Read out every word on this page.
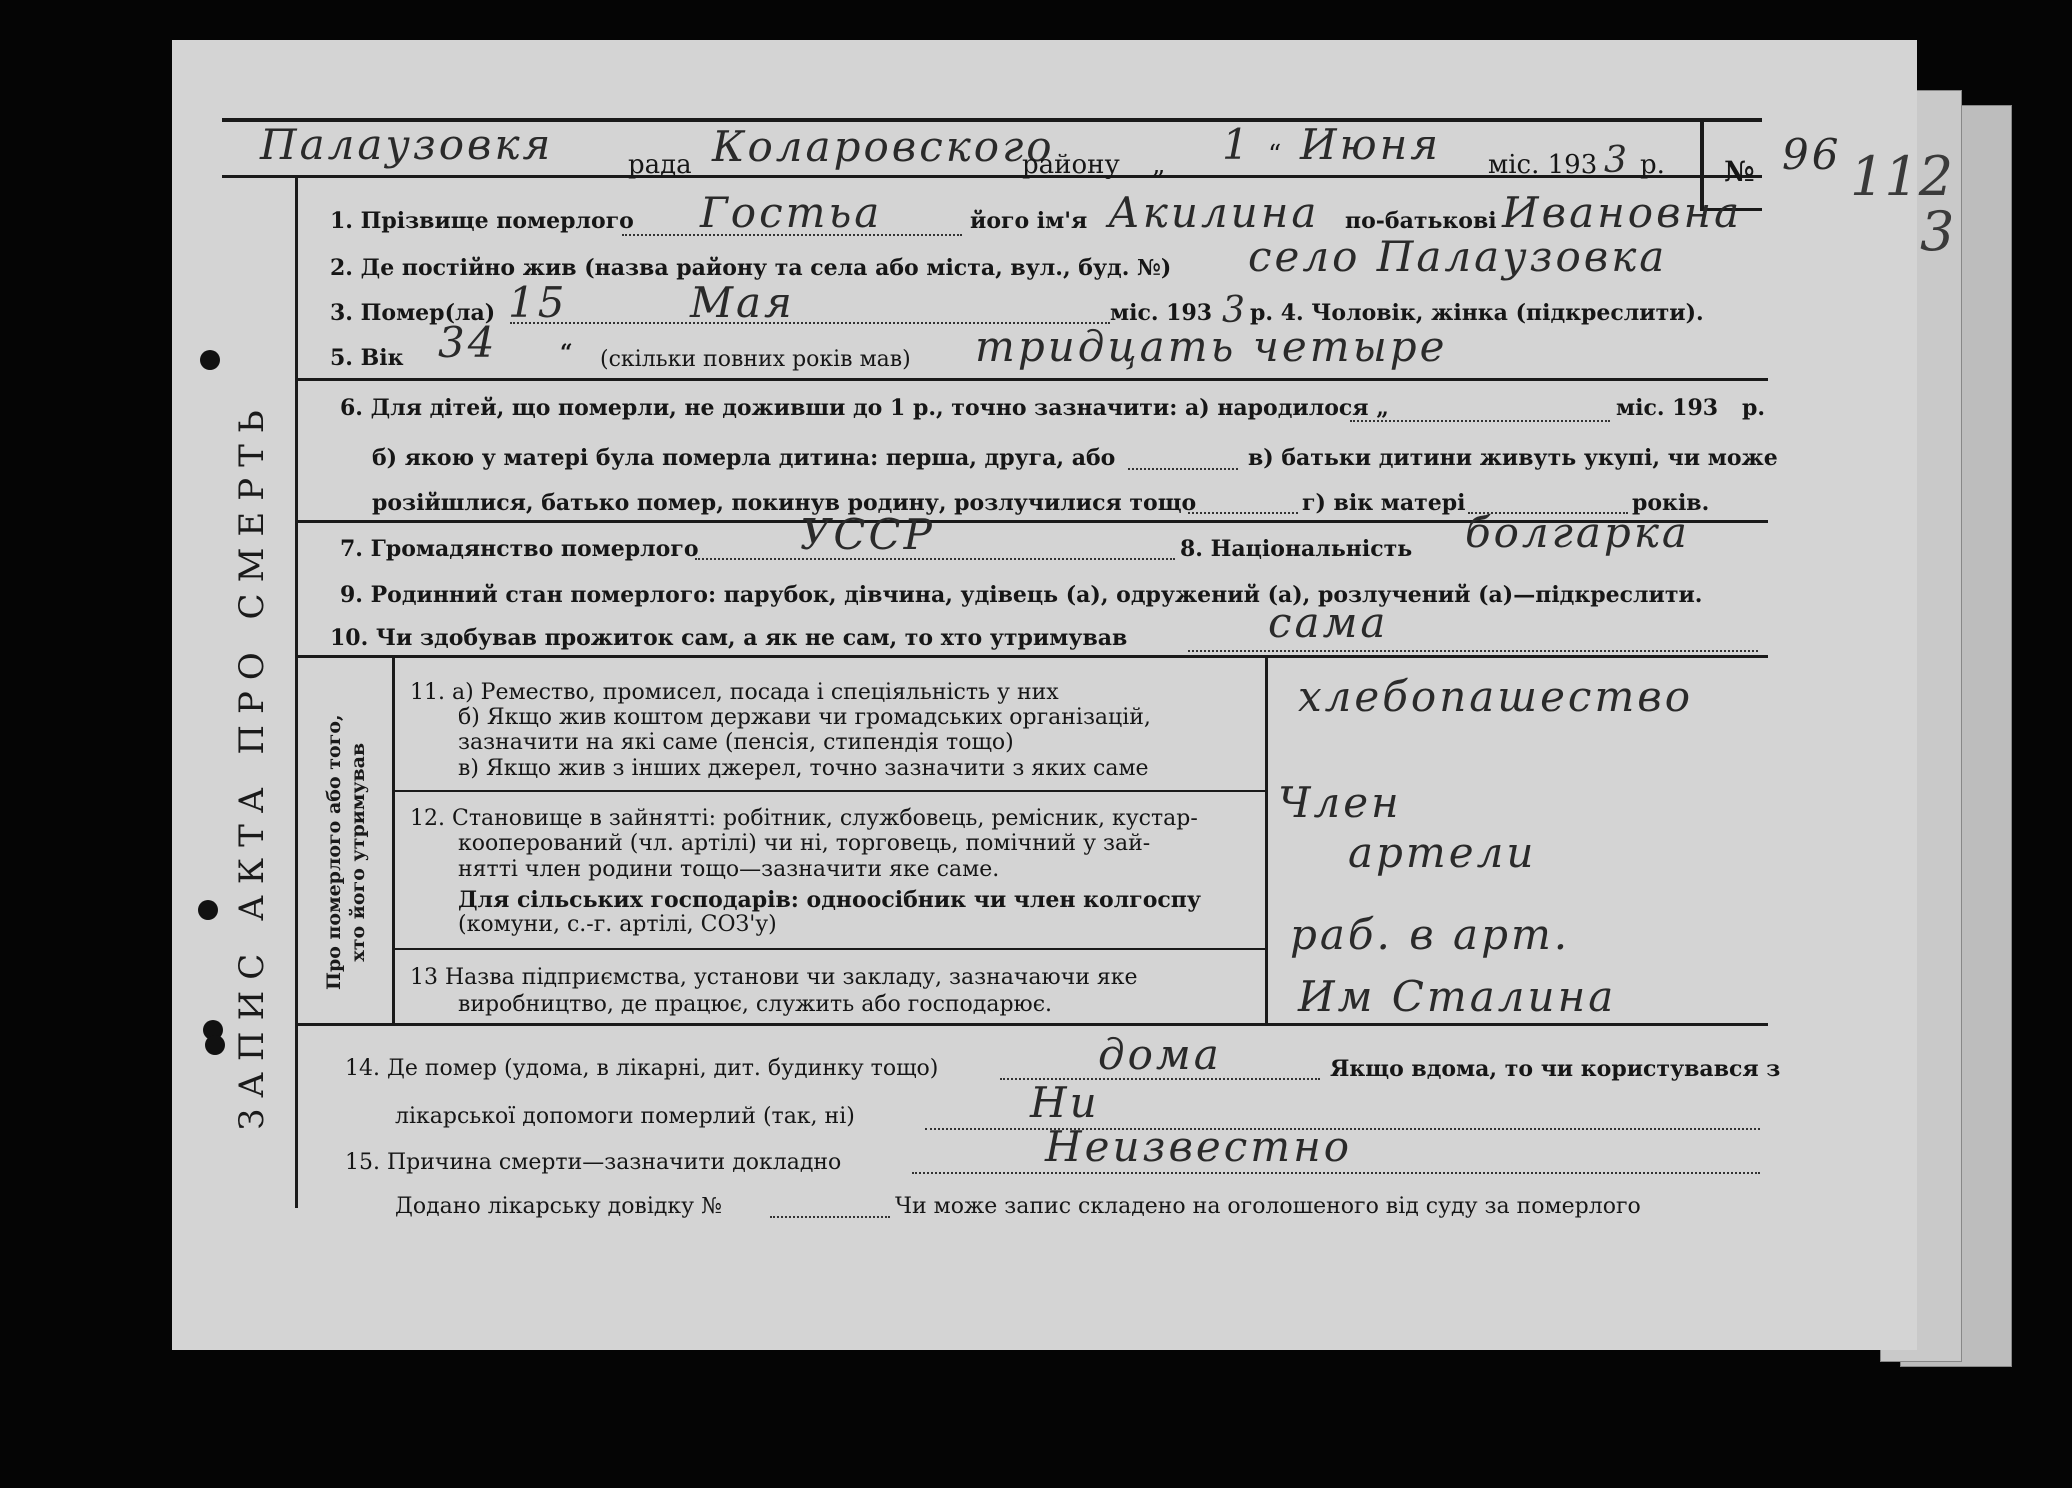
Палаузовкя	рада Коларовского
району „ 1 “ Июня міс. 193 3 р. № 96 112
3
ЗАПИС АКТА ПРО СМЕРТЬ
1. Прізвище померлого Гостьа	його ім'я Акилина по-батькові Ивановна
2. Де постійно жив (назва району та села або міста, вул., буд. №) село Палаузовка
3. Помер(ла) 15	Мая	міс. 193 3 р. 4. Чоловік, жінка (підкреслити).
5. Вік 34	“ (скільки повних років мав) тридцать четыре
6. Для дітей, що померли, не доживши до 1 р., точно зазначити: а) народилося „	міс. 193 р.
б) якою у матері була померла дитина: перша, друга, або	в) батьки дитини живуть укупі, чи може
розійшлися, батько помер, покинув родину, розлучилися тощо	г) вік матері	років.
7. Громадянство померлого УССР	8. Національність болгарка
9. Родинний стан померлого: парубок, дівчина, удівець (а), одружений (а), розлучений (а)—підкреслити.
10. Чи здобував прожиток сам, а як не сам, то хто утримував	сама
Про померлого або того, хто його утримував
11. а) Ремество, промисел, посада і спеціяльність у них
б) Якщо жив коштом держави чи громадських організацій,
зазначити на які саме (пенсія, стипендія тощо)
в) Якщо жив з інших джерел, точно зазначити з яких саме
хлебопашество
12. Становище в зайнятті: робітник, службовець, ремісник, кустар-
кооперований (чл. артілі) чи ні, торговець, помічний у зай-
нятті член родини тощо—зазначити яке саме.
Для сільських господарів: одноосібник чи член колгоспу
(комуни, с.-г. артілі, СОЗ'у)
Член
артели
раб. в арт.
13 Назва підприємства, установи чи закладу, зазначаючи яке
виробництво, де працює, служить або господарює.	Им Сталина
14. Де помер (удома, в лікарні, дит. будинку тощо)	дома	Якщо вдома, то чи користувався з
лікарської допомоги померлий (так, ні)	Ни
15. Причина смерти—зазначити докладно	Неизвестно
Додано лікарську довідку №	Чи може запис складено на оголошеного від суду за померлого
